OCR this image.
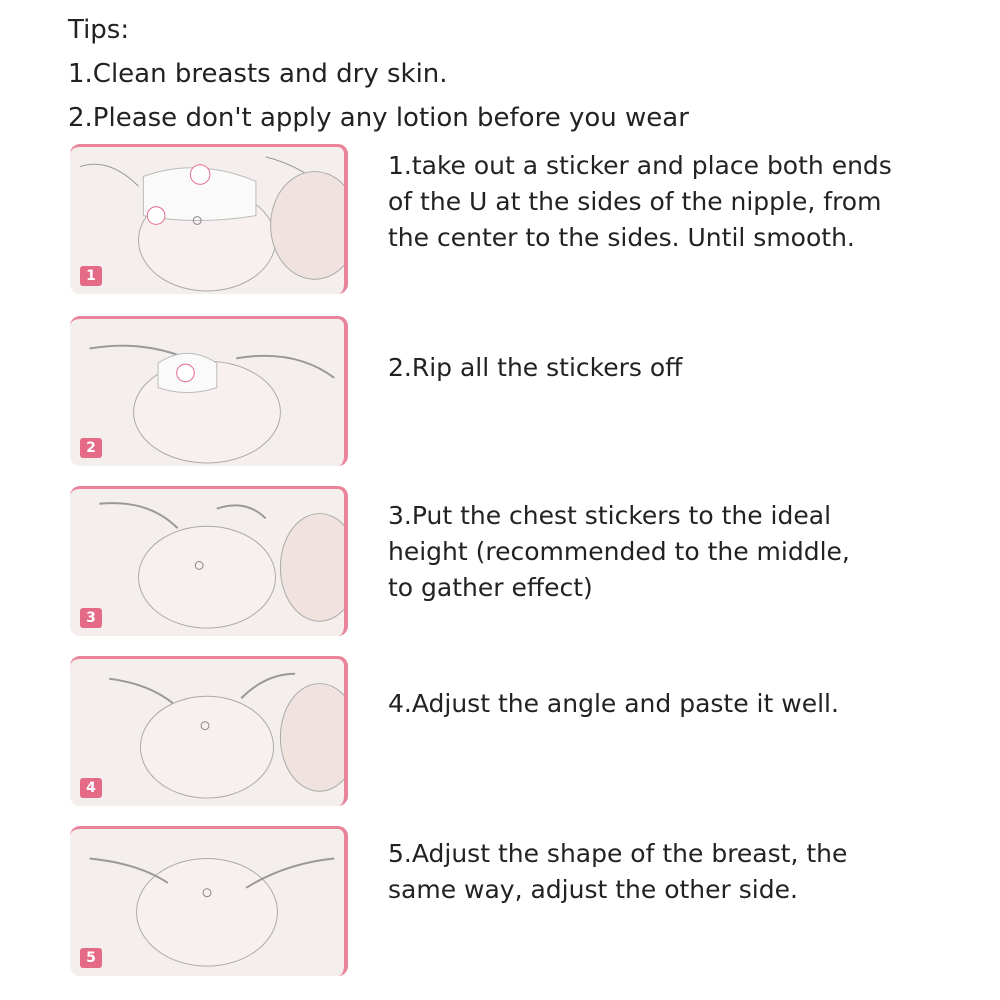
Tips:
1.Clean breasts and dry skin.
2.Please don't apply any lotion before you wear
1
1.take out a sticker and place both ends
of the U at the sides of the nipple, from
the center to the sides. Until smooth.
2
2.Rip all the stickers off
3
3.Put the chest stickers to the ideal
height (recommended to the middle,
to gather effect)
4
4.Adjust the angle and paste it well.
5
5.Adjust the shape of the breast, the
same way, adjust the other side.
